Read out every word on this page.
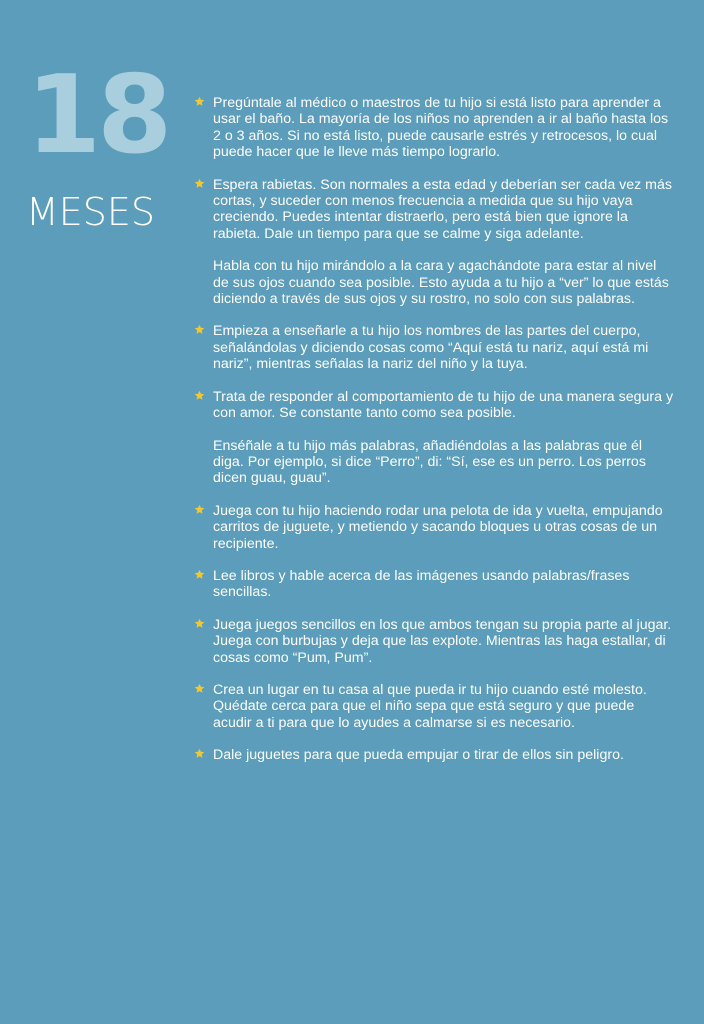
18
MESES

Pregúntale al médico o maestros de tu hijo si está listo para aprender a usar el baño. La mayoría de los niños no aprenden a ir al baño hasta los 2 o 3 años. Si no está listo, puede causarle estrés y retrocesos, lo cual puede hacer que le lleve más tiempo lograrlo.

Espera rabietas. Son normales a esta edad y deberían ser cada vez más cortas, y suceder con menos frecuencia a medida que su hijo vaya creciendo. Puedes intentar distraerlo, pero está bien que ignore la rabieta. Dale un tiempo para que se calme y siga adelante.

Habla con tu hijo mirándolo a la cara y agachándote para estar al nivel de sus ojos cuando sea posible. Esto ayuda a tu hijo a “ver” lo que estás diciendo a través de sus ojos y su rostro, no solo con sus palabras.

Empieza a enseñarle a tu hijo los nombres de las partes del cuerpo, señalándolas y diciendo cosas como “Aquí está tu nariz, aquí está mi nariz”, mientras señalas la nariz del niño y la tuya.

Trata de responder al comportamiento de tu hijo de una manera segura y con amor. Se constante tanto como sea posible.

Enséñale a tu hijo más palabras, añadiéndolas a las palabras que él diga. Por ejemplo, si dice “Perro”, di: “Sí, ese es un perro. Los perros dicen guau, guau”.

Juega con tu hijo haciendo rodar una pelota de ida y vuelta, empujando carritos de juguete, y metiendo y sacando bloques u otras cosas de un recipiente.

Lee libros y hable acerca de las imágenes usando palabras/frases sencillas.

Juega juegos sencillos en los que ambos tengan su propia parte al jugar. Juega con burbujas y deja que las explote. Mientras las haga estallar, di cosas como “Pum, Pum”.

Crea un lugar en tu casa al que pueda ir tu hijo cuando esté molesto. Quédate cerca para que el niño sepa que está seguro y que puede acudir a ti para que lo ayudes a calmarse si es necesario.

Dale juguetes para que pueda empujar o tirar de ellos sin peligro.
